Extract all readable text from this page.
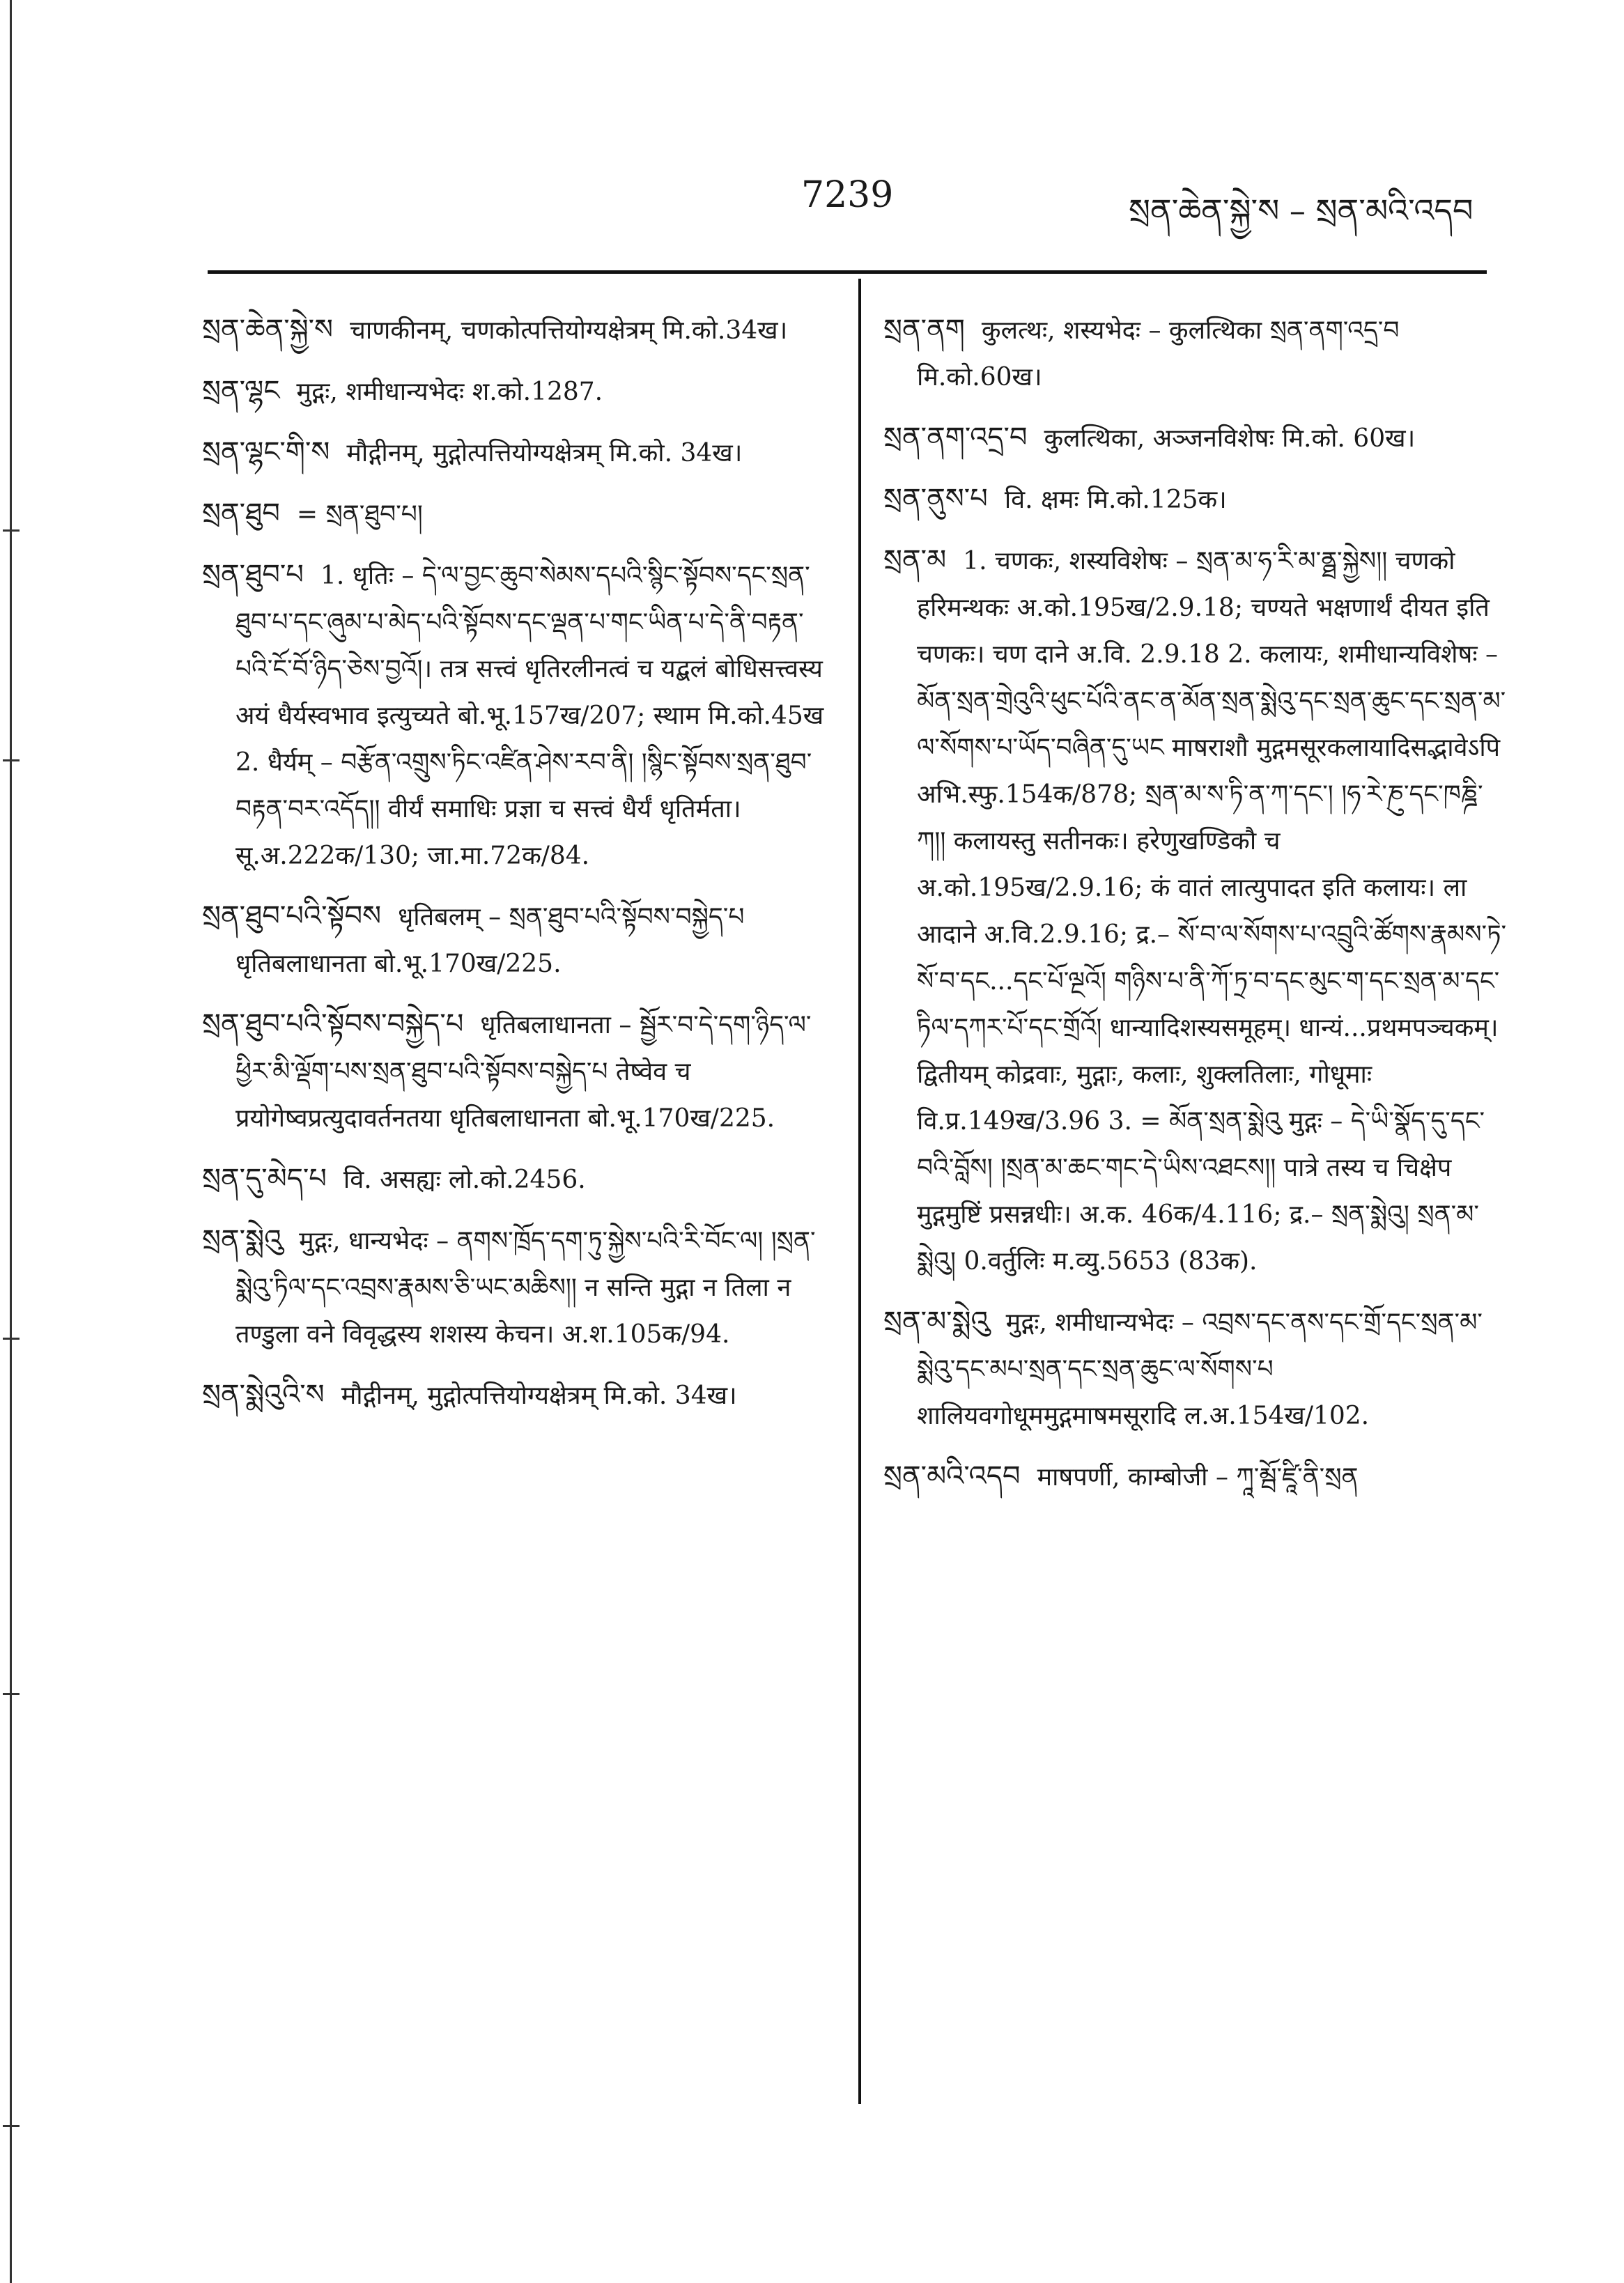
7239	སྲན་ཆེན་སྐྱེ་ས – སྲན་མའི་འདབ
སྲན་ཆེན་སྐྱེ་ས चाणकीनम्, चणकोत्पत्तियोग्यक्षेत्रम् मि.को.34ख।
སྲན་ལྷང मुद्गः, शमीधान्यभेदः श.को.1287.
སྲན་ལྷང་གི་ས मौद्गीनम्, मुद्गोत्पत्तियोग्यक्षेत्रम् मि.को. 34ख।
སྲན་ཐུབ = སྲན་ཐུབ་པ།
སྲན་ཐུབ་པ 1. धृतिः – དེ་ལ་བྱང་ཆུབ་སེམས་དཔའི་སྙིང་སྟོབས་དང་སྲན་ཐུབ་པ་དང་ཞུམ་པ་མེད་པའི་སྟོབས་དང་ལྡན་པ་གང་ཡིན་པ་དེ་ནི་བརྟན་པའི་ངོ་བོ་ཉིད་ཅེས་བྱའོ།। तत्र सत्त्वं धृतिरलीनत्वं च यद्बलं बोधिसत्त्वस्य अयं धैर्यस्वभाव इत्युच्यते बो.भू.157ख/207; स्थाम मि.को.45ख 2. धैर्यम् – བརྩོན་འགྲུས་ཏིང་འཛིན་ཤེས་རབ་ནི། །སྙིང་སྟོབས་སྲན་ཐུབ་བརྟན་བར་འདོད།། वीर्यं समाधिः प्रज्ञा च सत्त्वं धैर्यं धृतिर्मता। सू.अ.222क/130; जा.मा.72क/84.
སྲན་ཐུབ་པའི་སྟོབས धृतिबलम् – སྲན་ཐུབ་པའི་སྟོབས་བསྐྱེད་པ धृतिबलाधानता बो.भू.170ख/225.
སྲན་ཐུབ་པའི་སྟོབས་བསྐྱེད་པ धृतिबलाधानता – སྦྱོར་བ་དེ་དག་ཉིད་ལ་ཕྱིར་མི་ལྡོག་པས་སྲན་ཐུབ་པའི་སྟོབས་བསྐྱེད་པ तेष्वेव च प्रयोगेष्वप्रत्युदावर्तनतया धृतिबलाधानता बो.भू.170ख/225.
སྲན་དུ་མེད་པ वि. असह्यः लो.को.2456.
སྲན་སྨེའུ मुद्गः, धान्यभेदः – ནགས་ཁྲོད་དག་ཏུ་སྐྱེས་པའི་རི་བོང་ལ། །སྲན་སྨེའུ་ཏིལ་དང་འབྲས་རྣམས་ཅི་ཡང་མཆིས།། न सन्ति मुद्गा न तिला न तण्डुला वने विवृद्धस्य शशस्य केचन। अ.श.105क/94.
སྲན་སྨེའུའི་ས मौद्गीनम्, मुद्गोत्पत्तियोग्यक्षेत्रम् मि.को. 34ख।
སྲན་ནག कुलत्थः, शस्यभेदः – कुलत्थिका སྲན་ནག་འདྲ་བ मि.को.60ख।
སྲན་ནག་འདྲ་བ कुलत्थिका, अञ्जनविशेषः मि.को. 60ख।
སྲན་ནུས་པ वि. क्षमः मि.को.125क।
སྲན་མ 1. चणकः, शस्यविशेषः – སྲན་མ་ཧ་རི་མ་ནྠ་སྐྱེས།། चणको हरिमन्थकः अ.को.195ख/2.9.18; चण्यते भक्षणार्थं दीयत इति चणकः। चण दाने अ.वि. 2.9.18 2. कलायः, शमीधान्यविशेषः – མོན་སྲན་གྲེའུའི་ཕུང་པོའི་ནང་ན་མོན་སྲན་སྨེའུ་དང་སྲན་ཆུང་དང་སྲན་མ་ལ་སོགས་པ་ཡོད་བཞིན་དུ་ཡང माषराशौ मुद्गमसूरकलायादिसद्भावेऽपि अभि.स्फु.154क/878; སྲན་མ་ས་ཏི་ན་ཀ་དང་། །ཧ་རེ་ཎུ་དང་ཁཎྜི་ཀ།། कलायस्तु सतीनकः। हरेणुखण्डिकौ च अ.को.195ख/2.9.16; कं वातं लात्युपादत इति कलायः। ला आदाने अ.वि.2.9.16; द्र.– སོ་བ་ལ་སོགས་པ་འབྲུའི་ཚོགས་རྣམས་ཏེ་སོ་བ་དང...དང་པོ་ལྔའོ། གཉིས་པ་ནི་ཀོ་ཏྲ་བ་དང་མུང་ག་དང་སྲན་མ་དང་ཏིལ་དཀར་པོ་དང་གྲོའོ། धान्यादिशस्यसमूहम्। धान्यं...प्रथमपञ्चकम्। द्वितीयम् कोद्रवाः, मुद्गाः, कलाः, शुक्लतिलाः, गोधूमाः वि.प्र.149ख/3.96 3. = མོན་སྲན་སྨེའུ मुद्गः – དེ་ཡི་སྣོད་དུ་དང་བའི་བློས། །སྲན་མ་ཆང་གང་དེ་ཡིས་འཐངས།། पात्रे तस्य च चिक्षेप मुद्गमुष्टिं प्रसन्नधीः। अ.क. 46क/4.116; द्र.– སྲན་སྨེའུ། སྲན་མ་སྨེའུ། 0.वर्तुलिः म.व्यु.5653 (83क).
སྲན་མ་སྨེའུ मुद्गः, शमीधान्यभेदः – འབྲས་དང་ནས་དང་གྲོ་དང་སྲན་མ་སྨེའུ་དང་མཔ་སྲན་དང་སྲན་ཆུང་ལ་སོགས་པ शालियवगोधूममुद्गमाषमसूरादि ल.अ.154ख/102.
སྲན་མའི་འདབ माषपर्णी, काम्बोजी – ཀཱ་མྦོ་ཛཱི་ནི་སྲན
